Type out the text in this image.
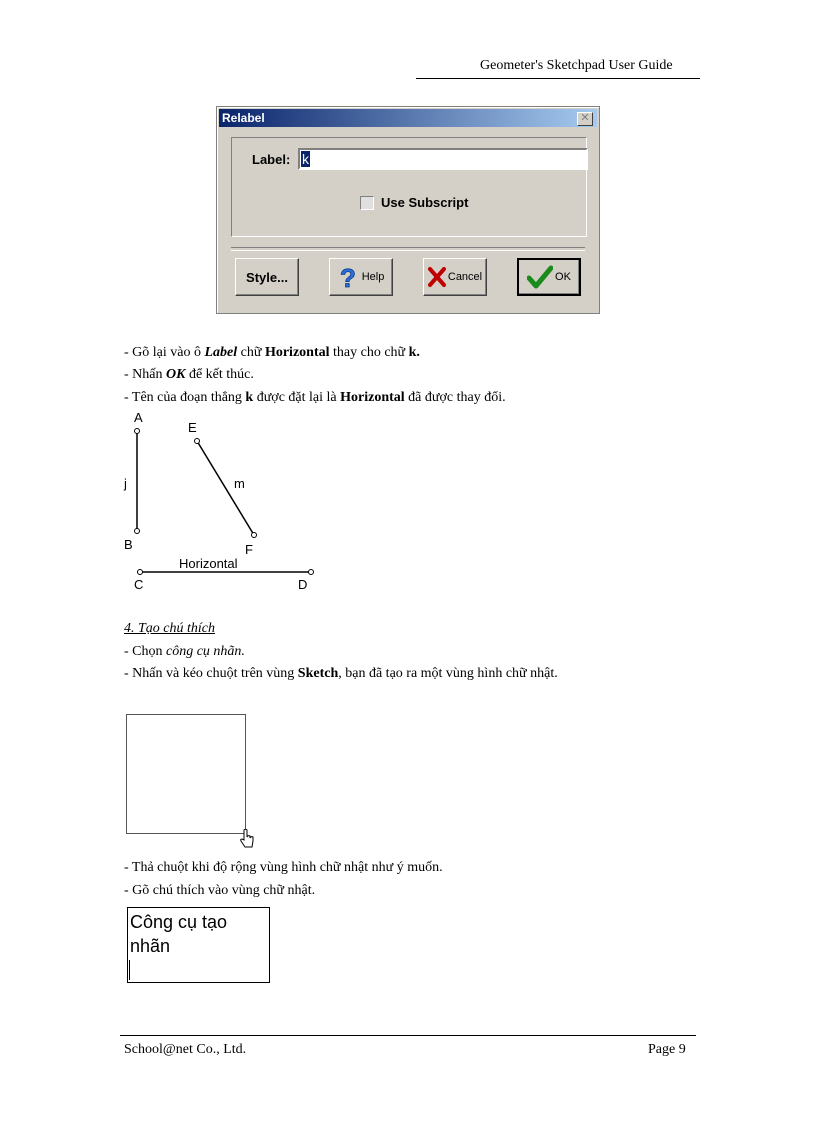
Geometer's Sketchpad User Guide
Relabel	✕
Label: k
Use Subscript
Style... ? Help	Cancel	OK
- Gõ lại vào ô Label chữ Horizontal thay cho chữ k.
- Nhấn OK để kết thúc.
- Tên của đoạn thẳng k được đặt lại là Horizontal đã được thay đổi.
A
B
E
F
C	D
j	m
Horizontal
4. Tạo chú thích
- Chọn công cụ nhãn.
- Nhấn và kéo chuột trên vùng Sketch, bạn đã tạo ra một vùng hình chữ nhật.
- Thả chuột khi độ rộng vùng hình chữ nhật như ý muốn.
- Gõ chú thích vào vùng chữ nhật.
Công cụ tạo
nhãn
School@net Co., Ltd.	Page 9
